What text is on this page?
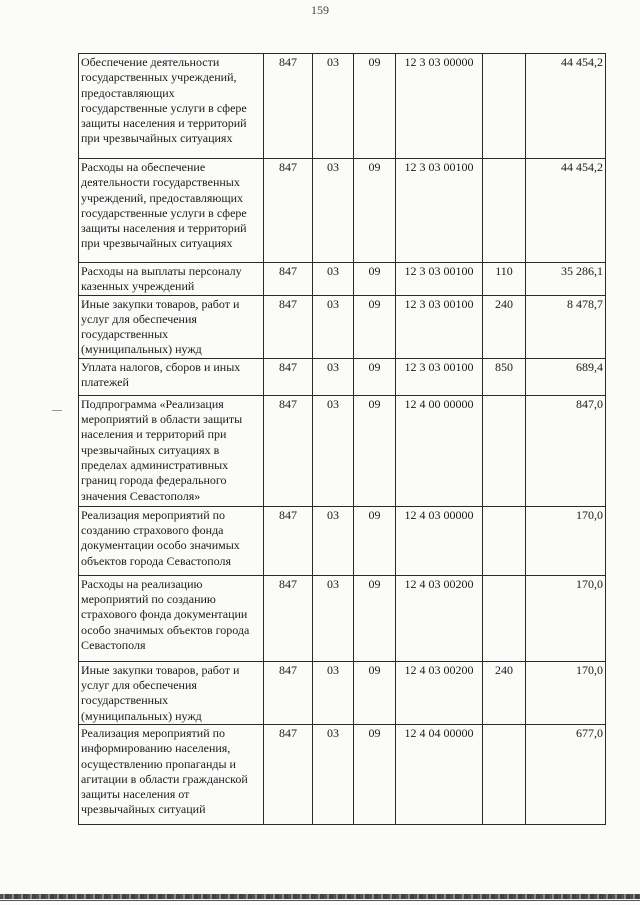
159
Обеспечение деятельности государственных учреждений, предоставляющих государственные услуги в сфере защиты населения и территорий при чрезвычайных ситуациях	847	03	09	12 3 03 00000		44 454,2
Расходы на обеспечение деятельности государственных учреждений, предоставляющих государственные услуги в сфере защиты населения и территорий при чрезвычайных ситуациях	847	03	09	12 3 03 00100		44 454,2
Расходы на выплаты персоналу казенных учреждений	847	03	09	12 3 03 00100	110	35 286,1
Иные закупки товаров, работ и услуг для обеспечения государственных (муниципальных) нужд	847	03	09	12 3 03 00100	240	8 478,7
Уплата налогов, сборов и иных платежей	847	03	09	12 3 03 00100	850	689,4
Подпрограмма «Реализация мероприятий в области защиты населения и территорий при чрезвычайных ситуациях в пределах административных границ города федерального значения Севастополя»	847	03	09	12 4 00 00000		847,0
Реализация мероприятий по созданию страхового фонда документации особо значимых объектов города Севастополя	847	03	09	12 4 03 00000		170,0
Расходы на реализацию мероприятий по созданию страхового фонда документации особо значимых объектов города Севастополя	847	03	09	12 4 03 00200		170,0
Иные закупки товаров, работ и услуг для обеспечения государственных (муниципальных) нужд	847	03	09	12 4 03 00200	240	170,0
Реализация мероприятий по информированию населения, осуществлению пропаганды и агитации в области гражданской защиты населения от чрезвычайных ситуаций	847	03	09	12 4 04 00000		677,0
